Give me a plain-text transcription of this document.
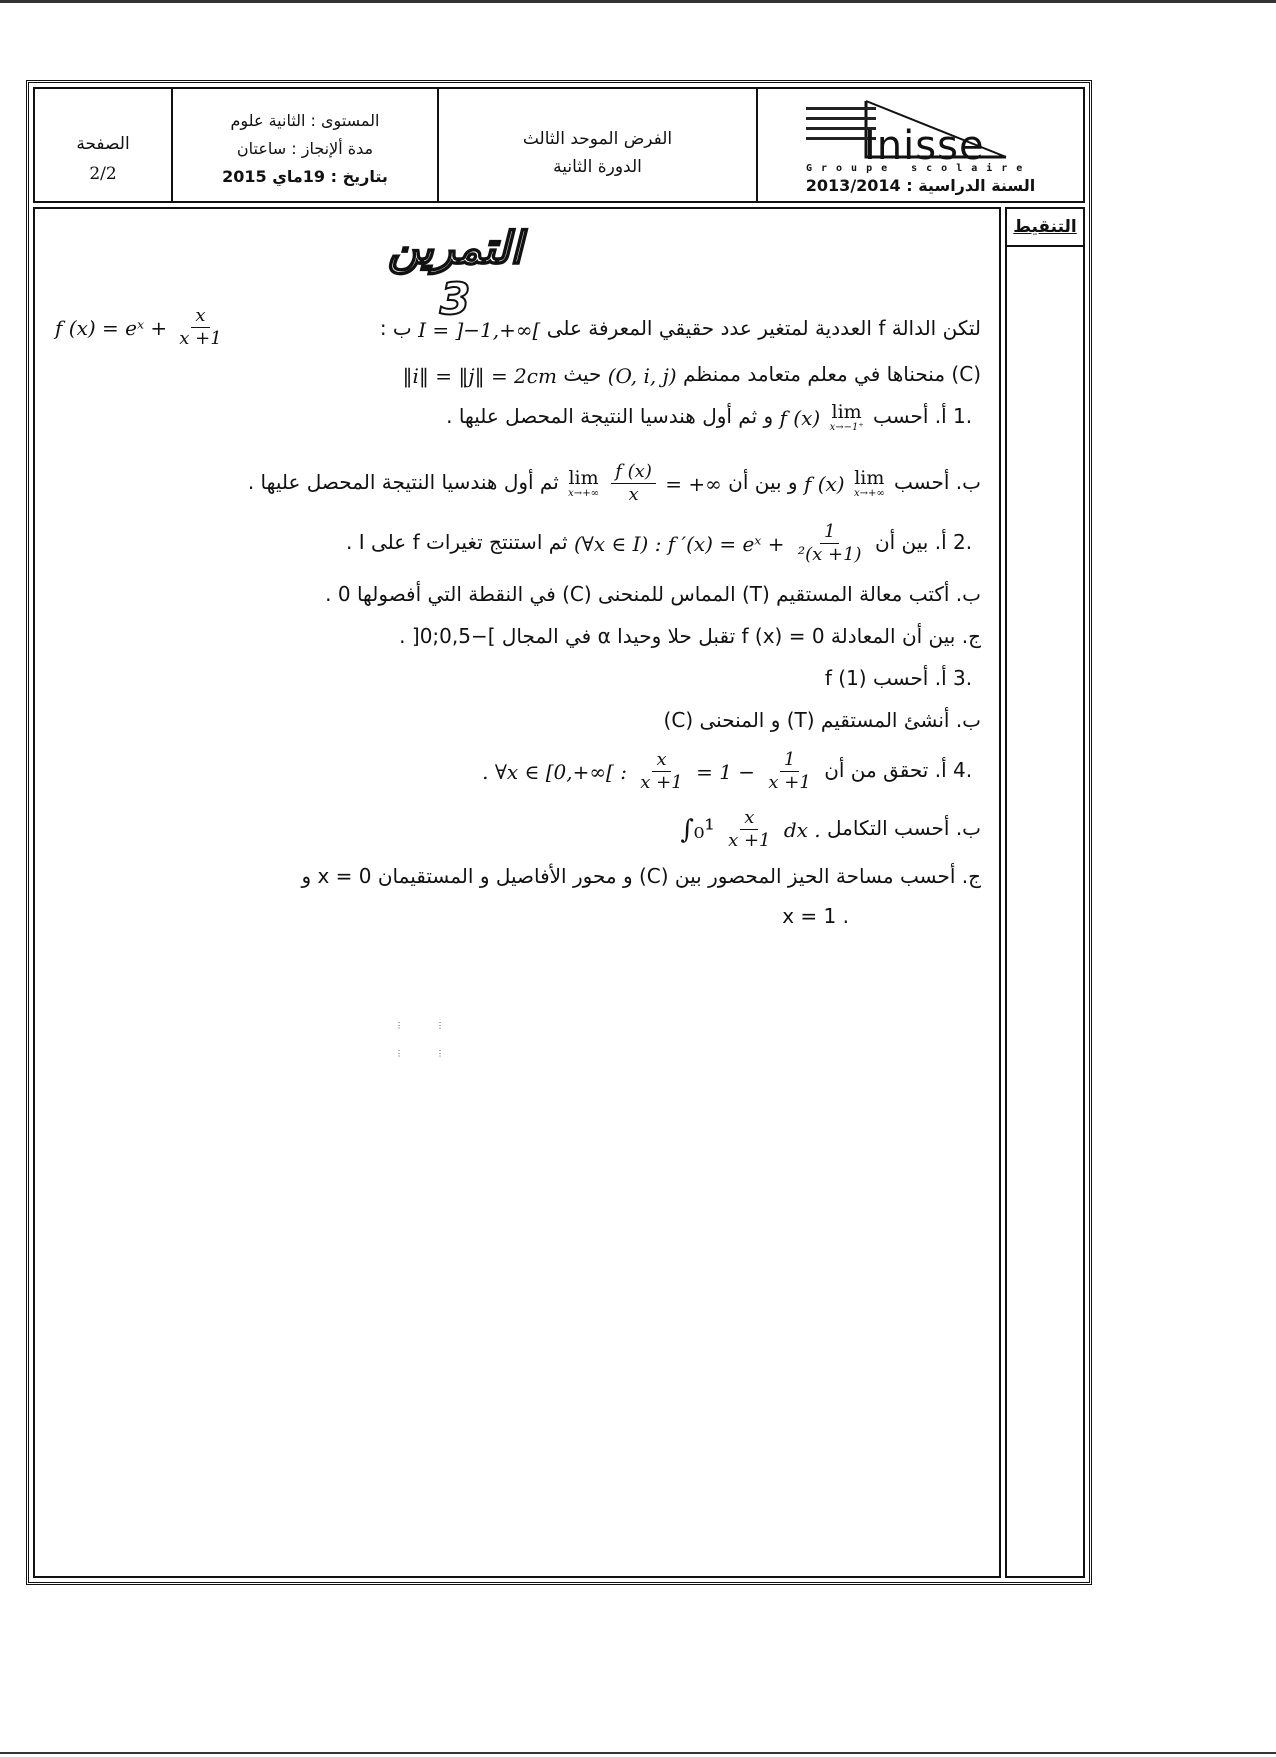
الصفحة
2/2
المستوى : الثانية علوم
مدة ألإنجاز : ساعتان
بتاريخ : 19ماي 2015
الفرض الموحد الثالث
الدورة الثانية	Inisse
Groupe scolaire
السنة الدراسية : 2013/2014
التنقيط
التمرين 3
لتكن الدالة f العددية لمتغير عدد حقيقي المعرفة على I = ]−1,+∞[ ب :
f (x) = eˣ + $\frac{x}{x +1}$
(C) منحناها في معلم متعامد ممنظم (O, i, j) حيث ‖i‖ = ‖j‖ = 2cm
1. أ. أحسب
lim
x→−1⁺
f (x) و ثم أول هندسيا النتيجة المحصل عليها .
ب. أحسب
lim
x→+∞
f (x) و بين أن = +∞
$\frac{f (x)}{x}$

lim
x→+∞
ثم أول هندسيا النتيجة المحصل عليها .
2. أ. بين أن
$\frac{1}{\text{(x +1)²}}$
(∀x ∈ I) : f ′(x) = eˣ + ثم استنتج تغيرات f على I .
ب. أكتب معالة المستقيم (T) المماس للمنحنى (C) في النقطة التي أفصولها 0 .
ج. بين أن المعادلة f (x) = 0 تقبل حلا وحيدا α في المجال ]−0,5;0[ .
3. أ. أحسب f (1)
ب. أنشئ المستقيم (T) و المنحنى (C)
4. أ. تحقق من أن
$\frac{1}{x +1}$
= 1 −
$\frac{x}{x +1}$
. ∀x ∈ [0,+∞[ :
ب. أحسب التكامل dx .
$\frac{x}{x +1}$
∫₀¹
ج. أحسب مساحة الحيز المحصور بين (C) و محور الأفاصيل و المستقيمان x = 0 و
. x = 1
⋮             ⋮
⋮             ⋮
